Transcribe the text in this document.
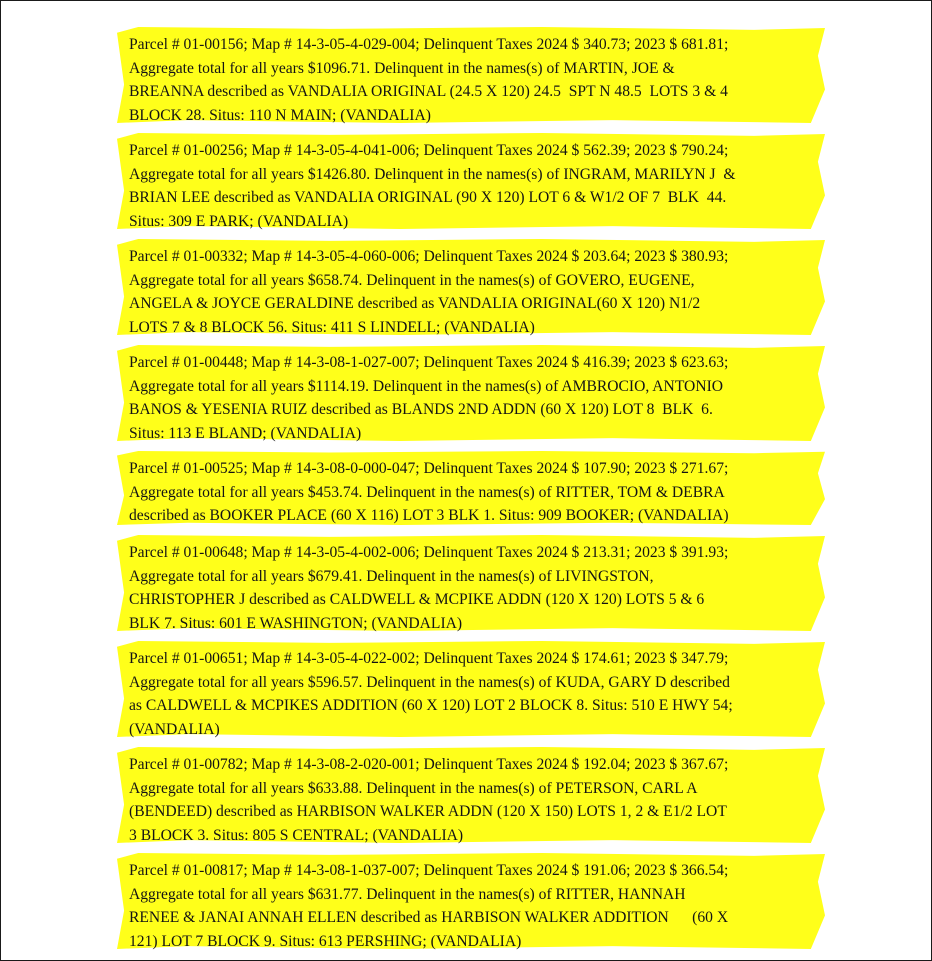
Parcel # 01-00156; Map # 14-3-05-4-029-004; Delinquent Taxes 2024 $ 340.73; 2023 $ 681.81;
Aggregate total for all years $1096.71. Delinquent in the names(s) of MARTIN, JOE &
BREANNA described as VANDALIA ORIGINAL (24.5 X 120) 24.5  SPT N 48.5  LOTS 3 & 4
BLOCK 28. Situs: 110 N MAIN; (VANDALIA)

Parcel # 01-00256; Map # 14-3-05-4-041-006; Delinquent Taxes 2024 $ 562.39; 2023 $ 790.24;
Aggregate total for all years $1426.80. Delinquent in the names(s) of INGRAM, MARILYN J  &
BRIAN LEE described as VANDALIA ORIGINAL (90 X 120) LOT 6 & W1/2 OF 7  BLK  44.
Situs: 309 E PARK; (VANDALIA)

Parcel # 01-00332; Map # 14-3-05-4-060-006; Delinquent Taxes 2024 $ 203.64; 2023 $ 380.93;
Aggregate total for all years $658.74. Delinquent in the names(s) of GOVERO, EUGENE,
ANGELA & JOYCE GERALDINE described as VANDALIA ORIGINAL(60 X 120) N1/2
LOTS 7 & 8 BLOCK 56. Situs: 411 S LINDELL; (VANDALIA)

Parcel # 01-00448; Map # 14-3-08-1-027-007; Delinquent Taxes 2024 $ 416.39; 2023 $ 623.63;
Aggregate total for all years $1114.19. Delinquent in the names(s) of AMBROCIO, ANTONIO
BANOS & YESENIA RUIZ described as BLANDS 2ND ADDN (60 X 120) LOT 8  BLK  6.
Situs: 113 E BLAND; (VANDALIA)

Parcel # 01-00525; Map # 14-3-08-0-000-047; Delinquent Taxes 2024 $ 107.90; 2023 $ 271.67;
Aggregate total for all years $453.74. Delinquent in the names(s) of RITTER, TOM & DEBRA
described as BOOKER PLACE (60 X 116) LOT 3 BLK 1. Situs: 909 BOOKER; (VANDALIA)

Parcel # 01-00648; Map # 14-3-05-4-002-006; Delinquent Taxes 2024 $ 213.31; 2023 $ 391.93;
Aggregate total for all years $679.41. Delinquent in the names(s) of LIVINGSTON,
CHRISTOPHER J described as CALDWELL & MCPIKE ADDN (120 X 120) LOTS 5 & 6
BLK 7. Situs: 601 E WASHINGTON; (VANDALIA)

Parcel # 01-00651; Map # 14-3-05-4-022-002; Delinquent Taxes 2024 $ 174.61; 2023 $ 347.79;
Aggregate total for all years $596.57. Delinquent in the names(s) of KUDA, GARY D described
as CALDWELL & MCPIKES ADDITION (60 X 120) LOT 2 BLOCK 8. Situs: 510 E HWY 54;
(VANDALIA)

Parcel # 01-00782; Map # 14-3-08-2-020-001; Delinquent Taxes 2024 $ 192.04; 2023 $ 367.67;
Aggregate total for all years $633.88. Delinquent in the names(s) of PETERSON, CARL A
(BENDEED) described as HARBISON WALKER ADDN (120 X 150) LOTS 1, 2 & E1/2 LOT
3 BLOCK 3. Situs: 805 S CENTRAL; (VANDALIA)

Parcel # 01-00817; Map # 14-3-08-1-037-007; Delinquent Taxes 2024 $ 191.06; 2023 $ 366.54;
Aggregate total for all years $631.77. Delinquent in the names(s) of RITTER, HANNAH
RENEE & JANAI ANNAH ELLEN described as HARBISON WALKER ADDITION      (60 X
121) LOT 7 BLOCK 9. Situs: 613 PERSHING; (VANDALIA)
